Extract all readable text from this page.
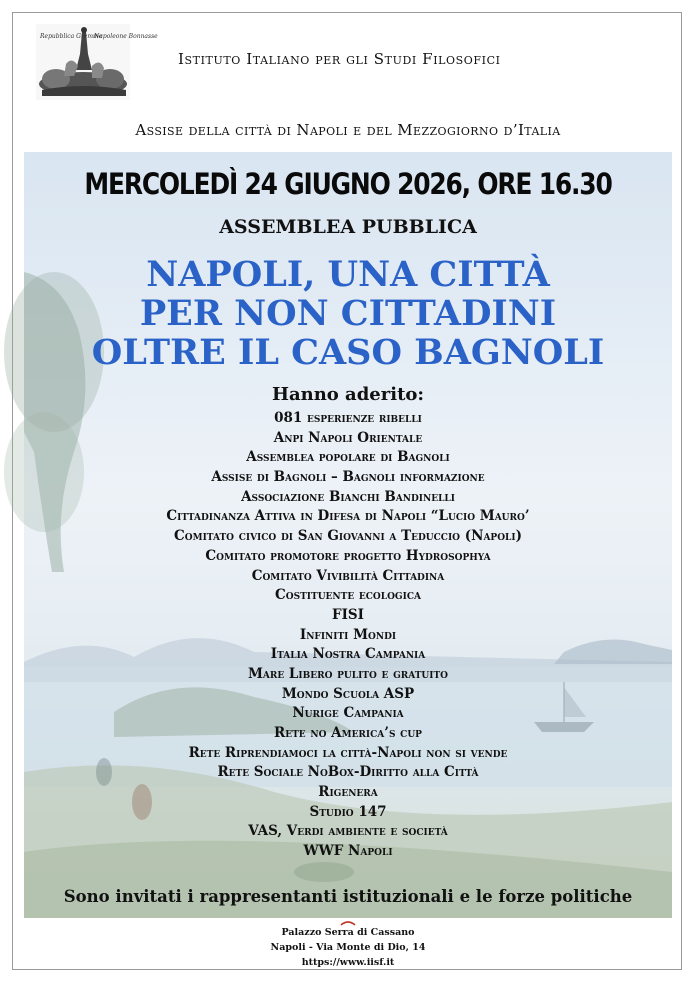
Repubblica Grèmme
Napoleone Bonnasse
Istituto Italiano per gli Studi Filosofici
Assise della città di Napoli e del Mezzogiorno d’Italia
MERCOLEDÌ 24 GIUGNO 2026, ORE 16.30
ASSEMBLEA PUBBLICA
NAPOLI, UNA CITTÀ
PER NON CITTADINI
OLTRE IL CASO BAGNOLI
Hanno aderito:
081 esperienze ribelli
Anpi Napoli Orientale
Assemblea popolare di Bagnoli
Assise di Bagnoli – Bagnoli informazione
Associazione Bianchi Bandinelli
Cittadinanza Attiva in Difesa di Napoli “Lucio Mauro’
Comitato civico di San Giovanni a Teduccio (Napoli)
Comitato promotore progetto Hydrosophya
Comitato Vivibilità Cittadina
Costituente ecologica
FISI
Infiniti Mondi
Italia Nostra Campania
Mare Libero pulito e gratuito
Mondo Scuola ASP
Nurige Campania
Rete no America’s cup
Rete Riprendiamoci la città-Napoli non si vende
Rete Sociale NoBox-Diritto alla Città
Rigenera
Studio 147
VAS, Verdi ambiente e società
WWF Napoli
Sono invitati i rappresentanti istituzionali e le forze politiche
Palazzo Serra di Cassano
Napoli - Via Monte di Dio, 14
https://www.iisf.it
